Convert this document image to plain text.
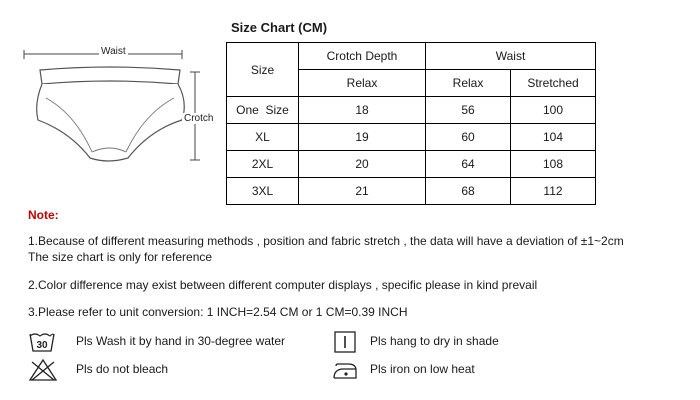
Waist
Crotch
Size Chart (CM)
Size	Crotch Depth	Waist	
	Relax	Relax	Stretched
One  Size	18	56	100
XL	19	60	104
2XL	20	64	108
3XL	21	68	112
Note:
1.Because of different measuring methods , position and fabric stretch , the data will have a deviation of ±1~2cm
The size chart is only for reference
2.Color difference may exist between different computer displays , specific please in kind prevail
3.Please refer to unit conversion: 1 INCH=2.54 CM or 1 CM=0.39 INCH
30 Pls Wash it by hand in 30-degree water
Pls do not bleach
Pls hang to dry in shade
Pls iron on low heat
